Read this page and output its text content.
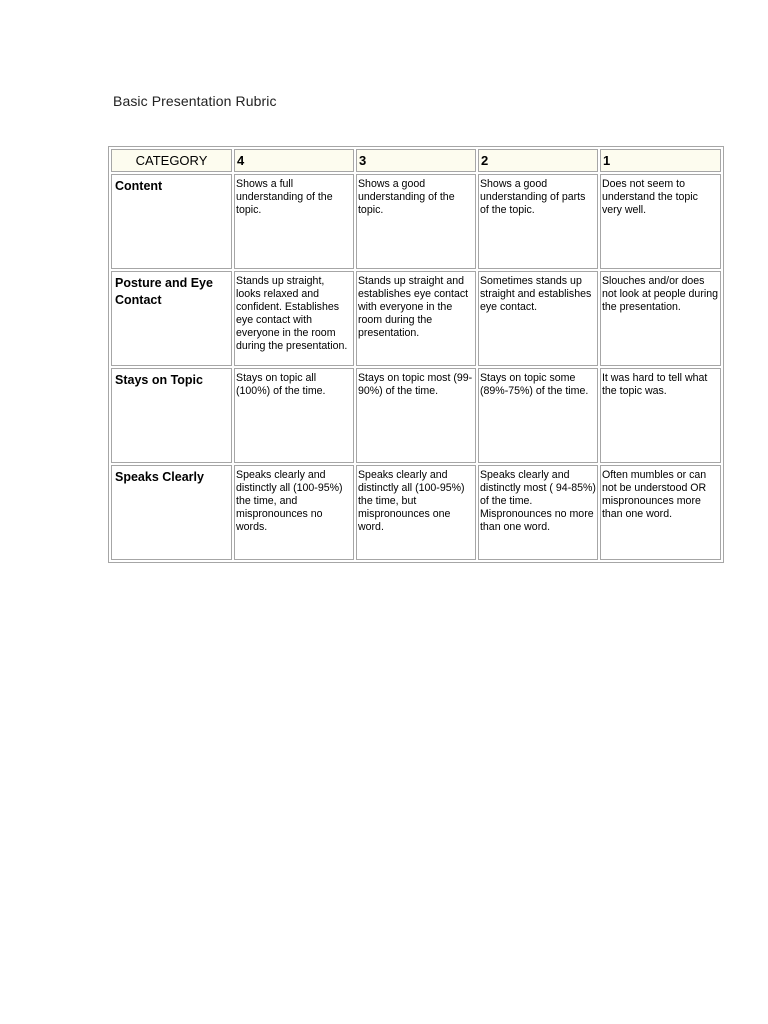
Basic Presentation Rubric
CATEGORY	4	3	2	1
Content	Shows a full understanding of the topic.	Shows a good understanding of the topic.	Shows a good understanding of parts of the topic.	Does not seem to understand the topic very well.
Posture and Eye Contact	Stands up straight, looks relaxed and confident. Establishes eye contact with everyone in the room during the presentation.	Stands up straight and establishes eye contact with everyone in the room during the presentation.	Sometimes stands up straight and establishes eye contact.	Slouches and/or does not look at people during the presentation.
Stays on Topic	Stays on topic all (100%) of the time.	Stays on topic most (99-90%) of the time.	Stays on topic some (89%-75%) of the time.	It was hard to tell what the topic was.
Speaks Clearly	Speaks clearly and distinctly all (100-95%) the time, and mispronounces no words.	Speaks clearly and distinctly all (100-95%) the time, but mispronounces one word.	Speaks clearly and distinctly most ( 94-85%) of the time. Mispronounces no more than one word.	Often mumbles or can not be understood OR mispronounces more than one word.
